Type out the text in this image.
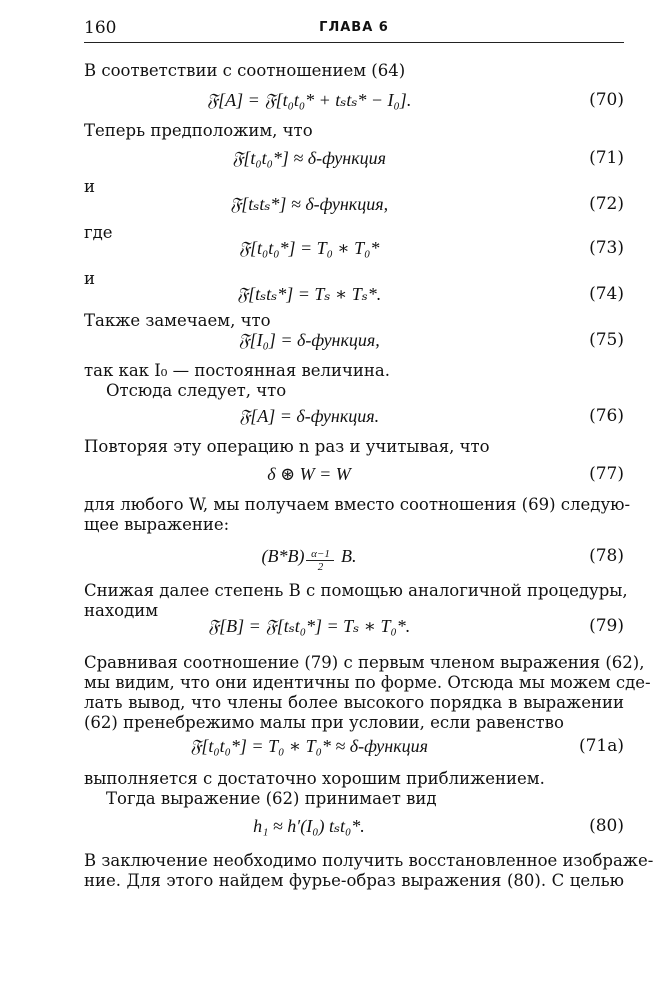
160	ГЛАВА 6
В соответствии с соотношением (64)
𝔉[A] = 𝔉[t₀t₀* + tₛtₛ* − I₀].	(70)
Теперь предположим, что
𝔉[t₀t₀*] ≈ δ-функция	(71)
и
𝔉[tₛtₛ*] ≈ δ-функция,	(72)
где
𝔉[t₀t₀*] = T₀ ∗ T₀*	(73)
и
𝔉[tₛtₛ*] = Tₛ ∗ Tₛ*.	(74)
Также замечаем, что
𝔉[I₀] = δ-функция,	(75)
так как I₀ — постоянная величина.
Отсюда следует, что
𝔉[A] = δ-функция.	(76)
Повторяя эту операцию n раз и учитывая, что
δ ⊛ W = W	(77)
для любого W, мы получаем вместо соотношения (69) следую-
щее выражение:
(B*B)
$\frac{\alpha-1}{2}$
B.	(78)
Снижая далее степень B с помощью аналогичной процедуры,
находим
𝔉[B] = 𝔉[tₛt₀*] = Tₛ ∗ T₀*.	(79)
Сравнивая соотношение (79) с первым членом выражения (62),
мы видим, что они идентичны по форме. Отсюда мы можем сде-
лать вывод, что члены более высокого порядка в выражении
(62) пренебрежимо малы при условии, если равенство
𝔉[t₀t₀*] = T₀ ∗ T₀* ≈ δ-функция	(71a)
выполняется с достаточно хорошим приближением.
Тогда выражение (62) принимает вид
h₁ ≈ h′(I₀) tₛt₀*.	(80)
В заключение необходимо получить восстановленное изображе-
ние. Для этого найдем фурье-образ выражения (80). С целью
